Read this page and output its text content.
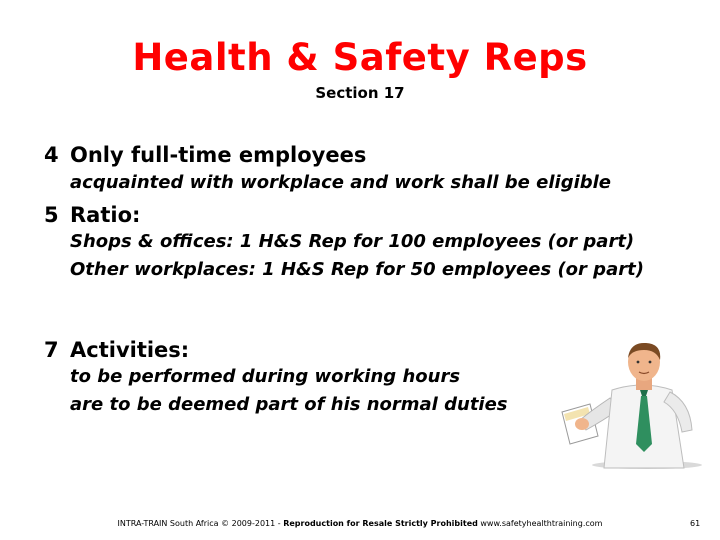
Health & Safety Reps
Section 17
4 Only full-time employees

acquainted with workplace and work shall be eligible

5 Ratio:

Shops & offices: 1 H&S Rep for 100 employees (or part)

Other workplaces: 1 H&S Rep for 50 employees (or part)

7 Activities:

to be performed during working hours

are to be deemed part of his normal duties

INTRA-TRAIN South Africa © 2009-2011 - Reproduction for Resale Strictly Prohibited www.safetyhealthtraining.com	61
